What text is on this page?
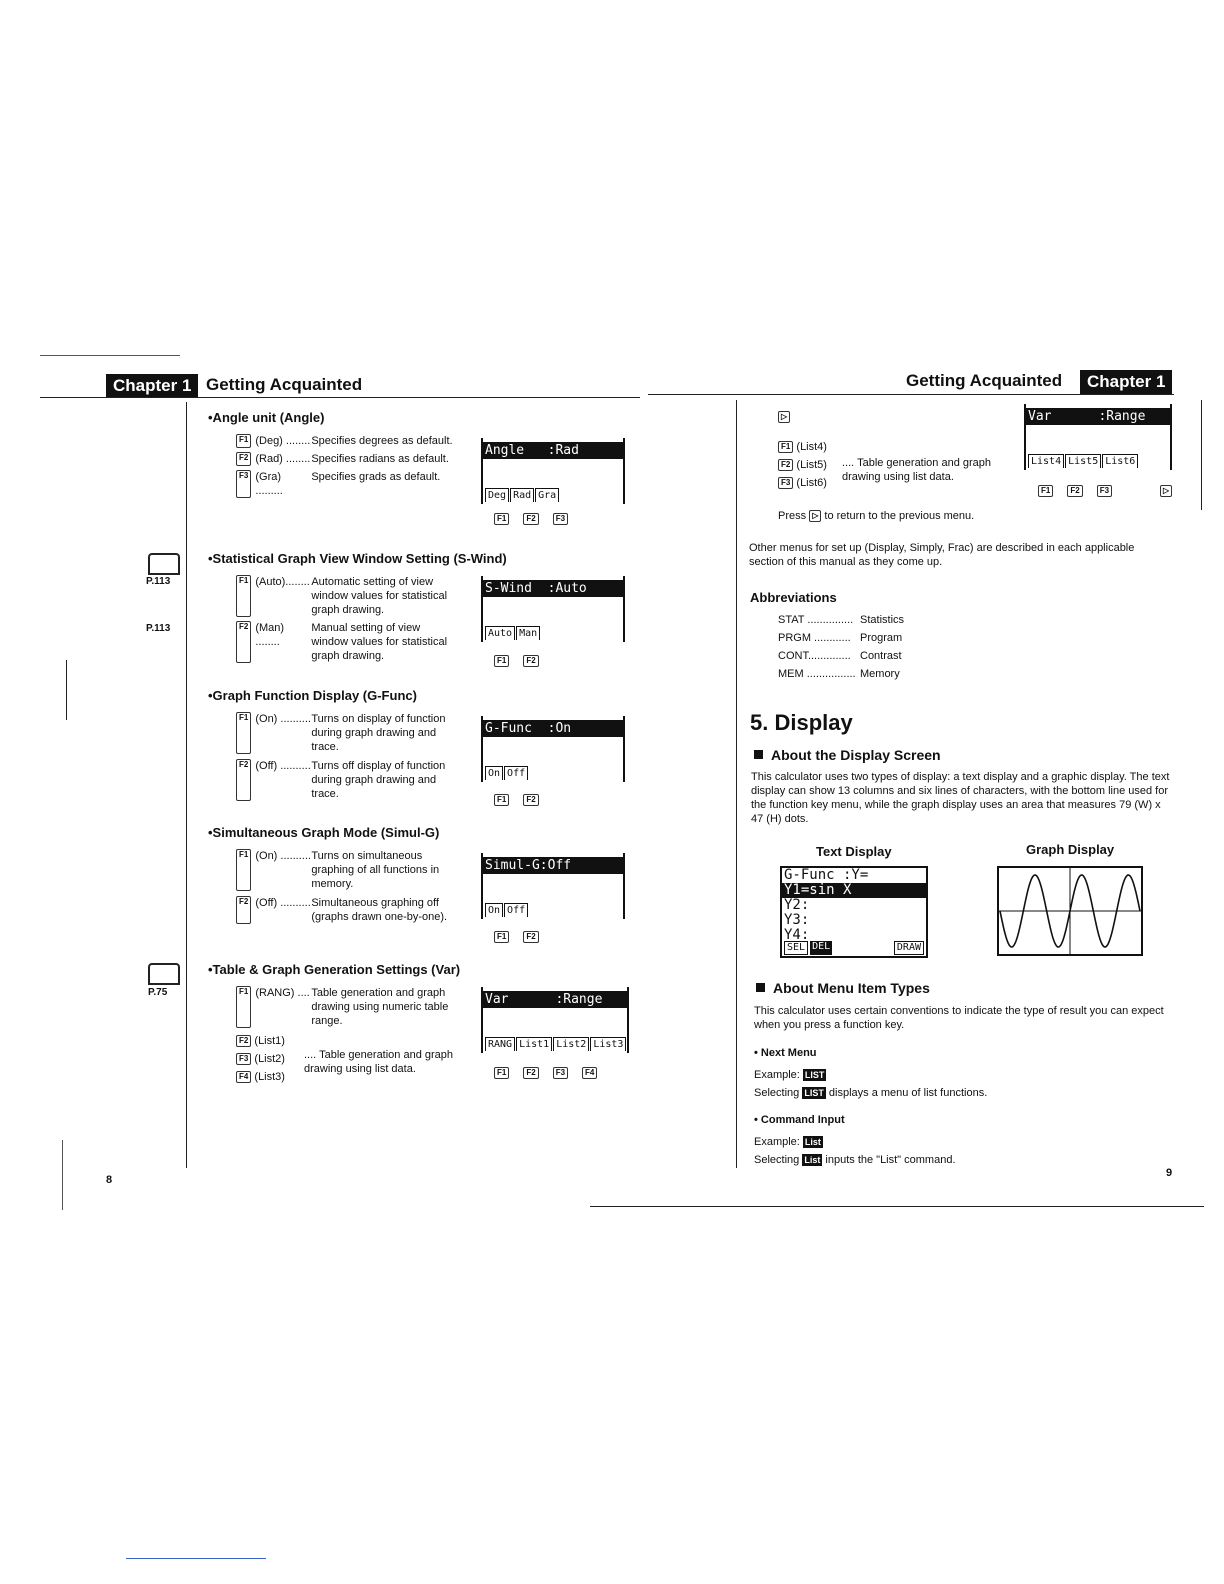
Chapter 1 Getting Acquainted
8
P.113
P.113
P.75
•Angle unit (Angle)
F1 (Deg) ........ Specifies degrees as default.
F2 (Rad) ........ Specifies radians as default.
F3 (Gra) .........
Specifies grads as default.
Angle   :Rad
Deg Rad Gra
F1	F2	F3
•Statistical Graph View Window Setting (S-Wind)
F1 (Auto)........ Automatic setting of view window values for statistical graph drawing.
F2 (Man) ........
Manual setting of view window values for statistical graph drawing.
S-Wind  :Auto
Auto Man
F1	F2
•Graph Function Display (G-Func)
F1 (On) .......... Turns on display of function during graph drawing and trace.
F2 (Off) .......... Turns off display of function during graph drawing and trace.
G-Func  :On
On Off
F1	F2
•Simultaneous Graph Mode (Simul-G)
F1 (On) .......... Turns on simultaneous graphing of all functions in memory.
F2 (Off) .......... Simultaneous graphing off (graphs drawn one-by-one).
Simul-G:Off
On Off
F1	F2
•Table & Graph Generation Settings (Var)
F1 (RANG) .... Table generation and graph drawing using numeric table range.
F2 (List1)
F3 (List2)
F4 (List3)
.... Table generation and graph drawing using list data.
Var      :Range
RANG List1 List2 List3
F1	F2	F3	F4
Getting Acquainted	Chapter 1
9
▷
F1 (List4)
F2 (List5)
F3 (List6)
.... Table generation and graph drawing using list data.
Var      :Range
List4 List5 List6
F1	F2	F3	▷
Press ▷ to return to the previous menu.
Other menus for set up (Display, Simply, Frac) are described in each applicable section of this manual as they come up.
Abbreviations
STAT ............... Statistics
PRGM ............ Program
CONT.............. Contrast
MEM ................ Memory
5. Display
About the Display Screen
This calculator uses two types of display: a text display and a graphic display. The text display can show 13 columns and six lines of characters, with the bottom line used for the function key menu, while the graph display uses an area that measures 79 (W) x 47 (H) dots.
Text Display	Graph Display
G-Func :Y=
Y1=sin X
Y2:
Y3:
Y4:
SEL DEL	DRAW
About Menu Item Types
This calculator uses certain conventions to indicate the type of result you can expect when you press a function key.
• Next Menu
Example: LIST
Selecting LIST displays a menu of list functions.
• Command Input
Example: List
Selecting List inputs the "List" command.
